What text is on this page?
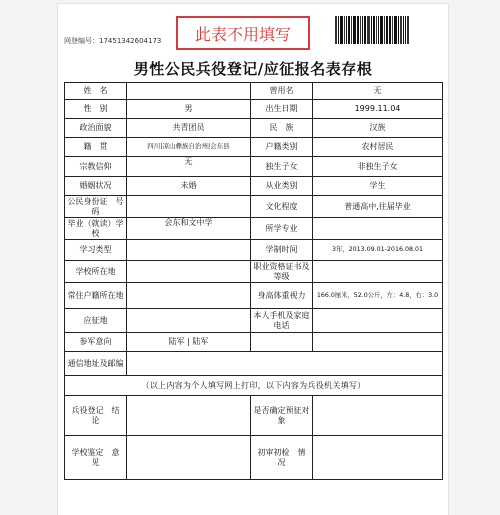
网登编号：17451342604173	此表不用填写
男性公民兵役登记/应征报名表存根
姓　名		曾用名	无
性　别	男	出生日期	1999.11.04
政治面貌	共青团员	民　族	汉族
籍　贯	四川|凉山彝族自治州|会东县	户籍类别	农村居民
宗教信仰	无	独生子女	非独生子女
婚姻状况	未婚	从业类别	学生
公民身份证　号　码		文化程度	普通高中,往届毕业
毕业（就读）学校	会东和文中学	所学专业	
学习类型		学制时间	3年，2013.09.01-2016.08.01
学校所在地		职业资格证书及等级	
常住户籍所在地		身高体重视力	166.0厘米，52.0公斤，左：4.8，右：3.0
应征地		本人手机及家庭电话	
参军意向	陆军 | 陆军		
通信地址及邮编			
（以上内容为个人填写网上打印，以下内容为兵役机关填写）			
兵役登记　结　论		是否确定预征对象	
学校鉴定　意　见		初审初检　情　况	
